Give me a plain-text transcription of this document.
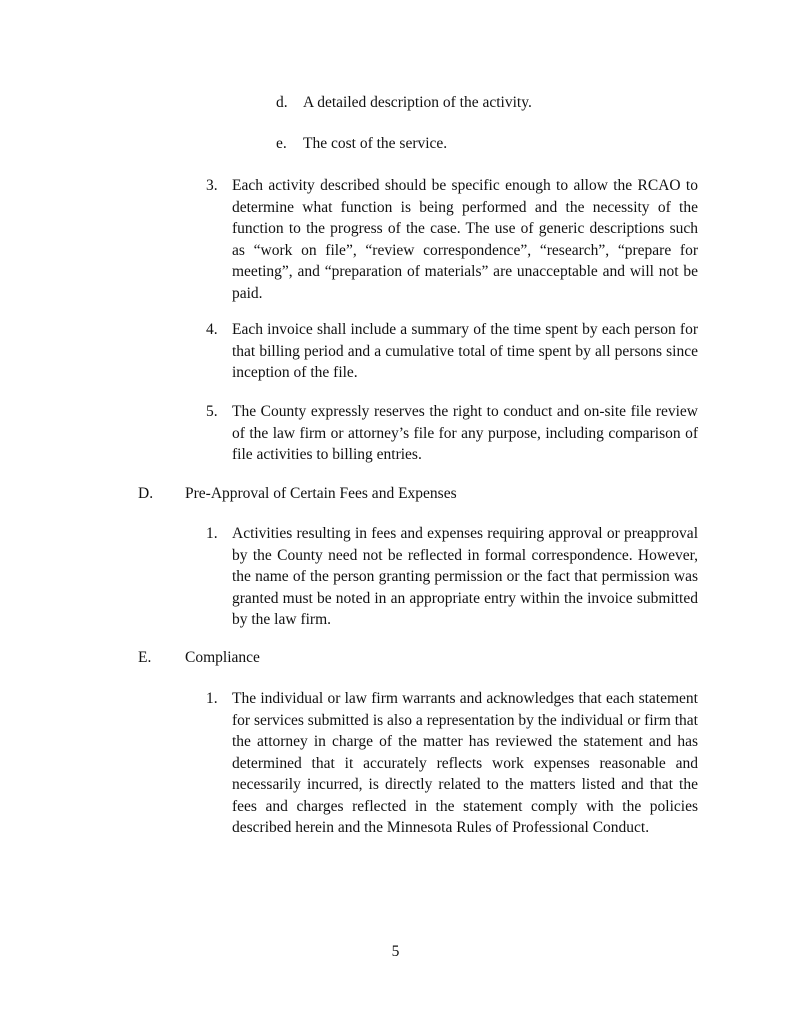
d. A detailed description of the activity.
e. The cost of the service.
3. Each activity described should be specific enough to allow the RCAO to determine what function is being performed and the necessity of the function to the progress of the case. The use of generic descriptions such as “work on file”, “review correspondence”, “research”, “prepare for meeting”, and “preparation of materials” are unacceptable and will not be paid.
4. Each invoice shall include a summary of the time spent by each person for that billing period and a cumulative total of time spent by all persons since inception of the file.
5. The County expressly reserves the right to conduct and on-site file review of the law firm or attorney’s file for any purpose, including comparison of file activities to billing entries.
D. Pre-Approval of Certain Fees and Expenses
1. Activities resulting in fees and expenses requiring approval or preapproval by the County need not be reflected in formal correspondence. However, the name of the person granting permission or the fact that permission was granted must be noted in an appropriate entry within the invoice submitted by the law firm.
E. Compliance
1. The individual or law firm warrants and acknowledges that each statement for services submitted is also a representation by the individual or firm that the attorney in charge of the matter has reviewed the statement and has determined that it accurately reflects work expenses reasonable and necessarily incurred, is directly related to the matters listed and that the fees and charges reflected in the statement comply with the policies described herein and the Minnesota Rules of Professional Conduct.
5
